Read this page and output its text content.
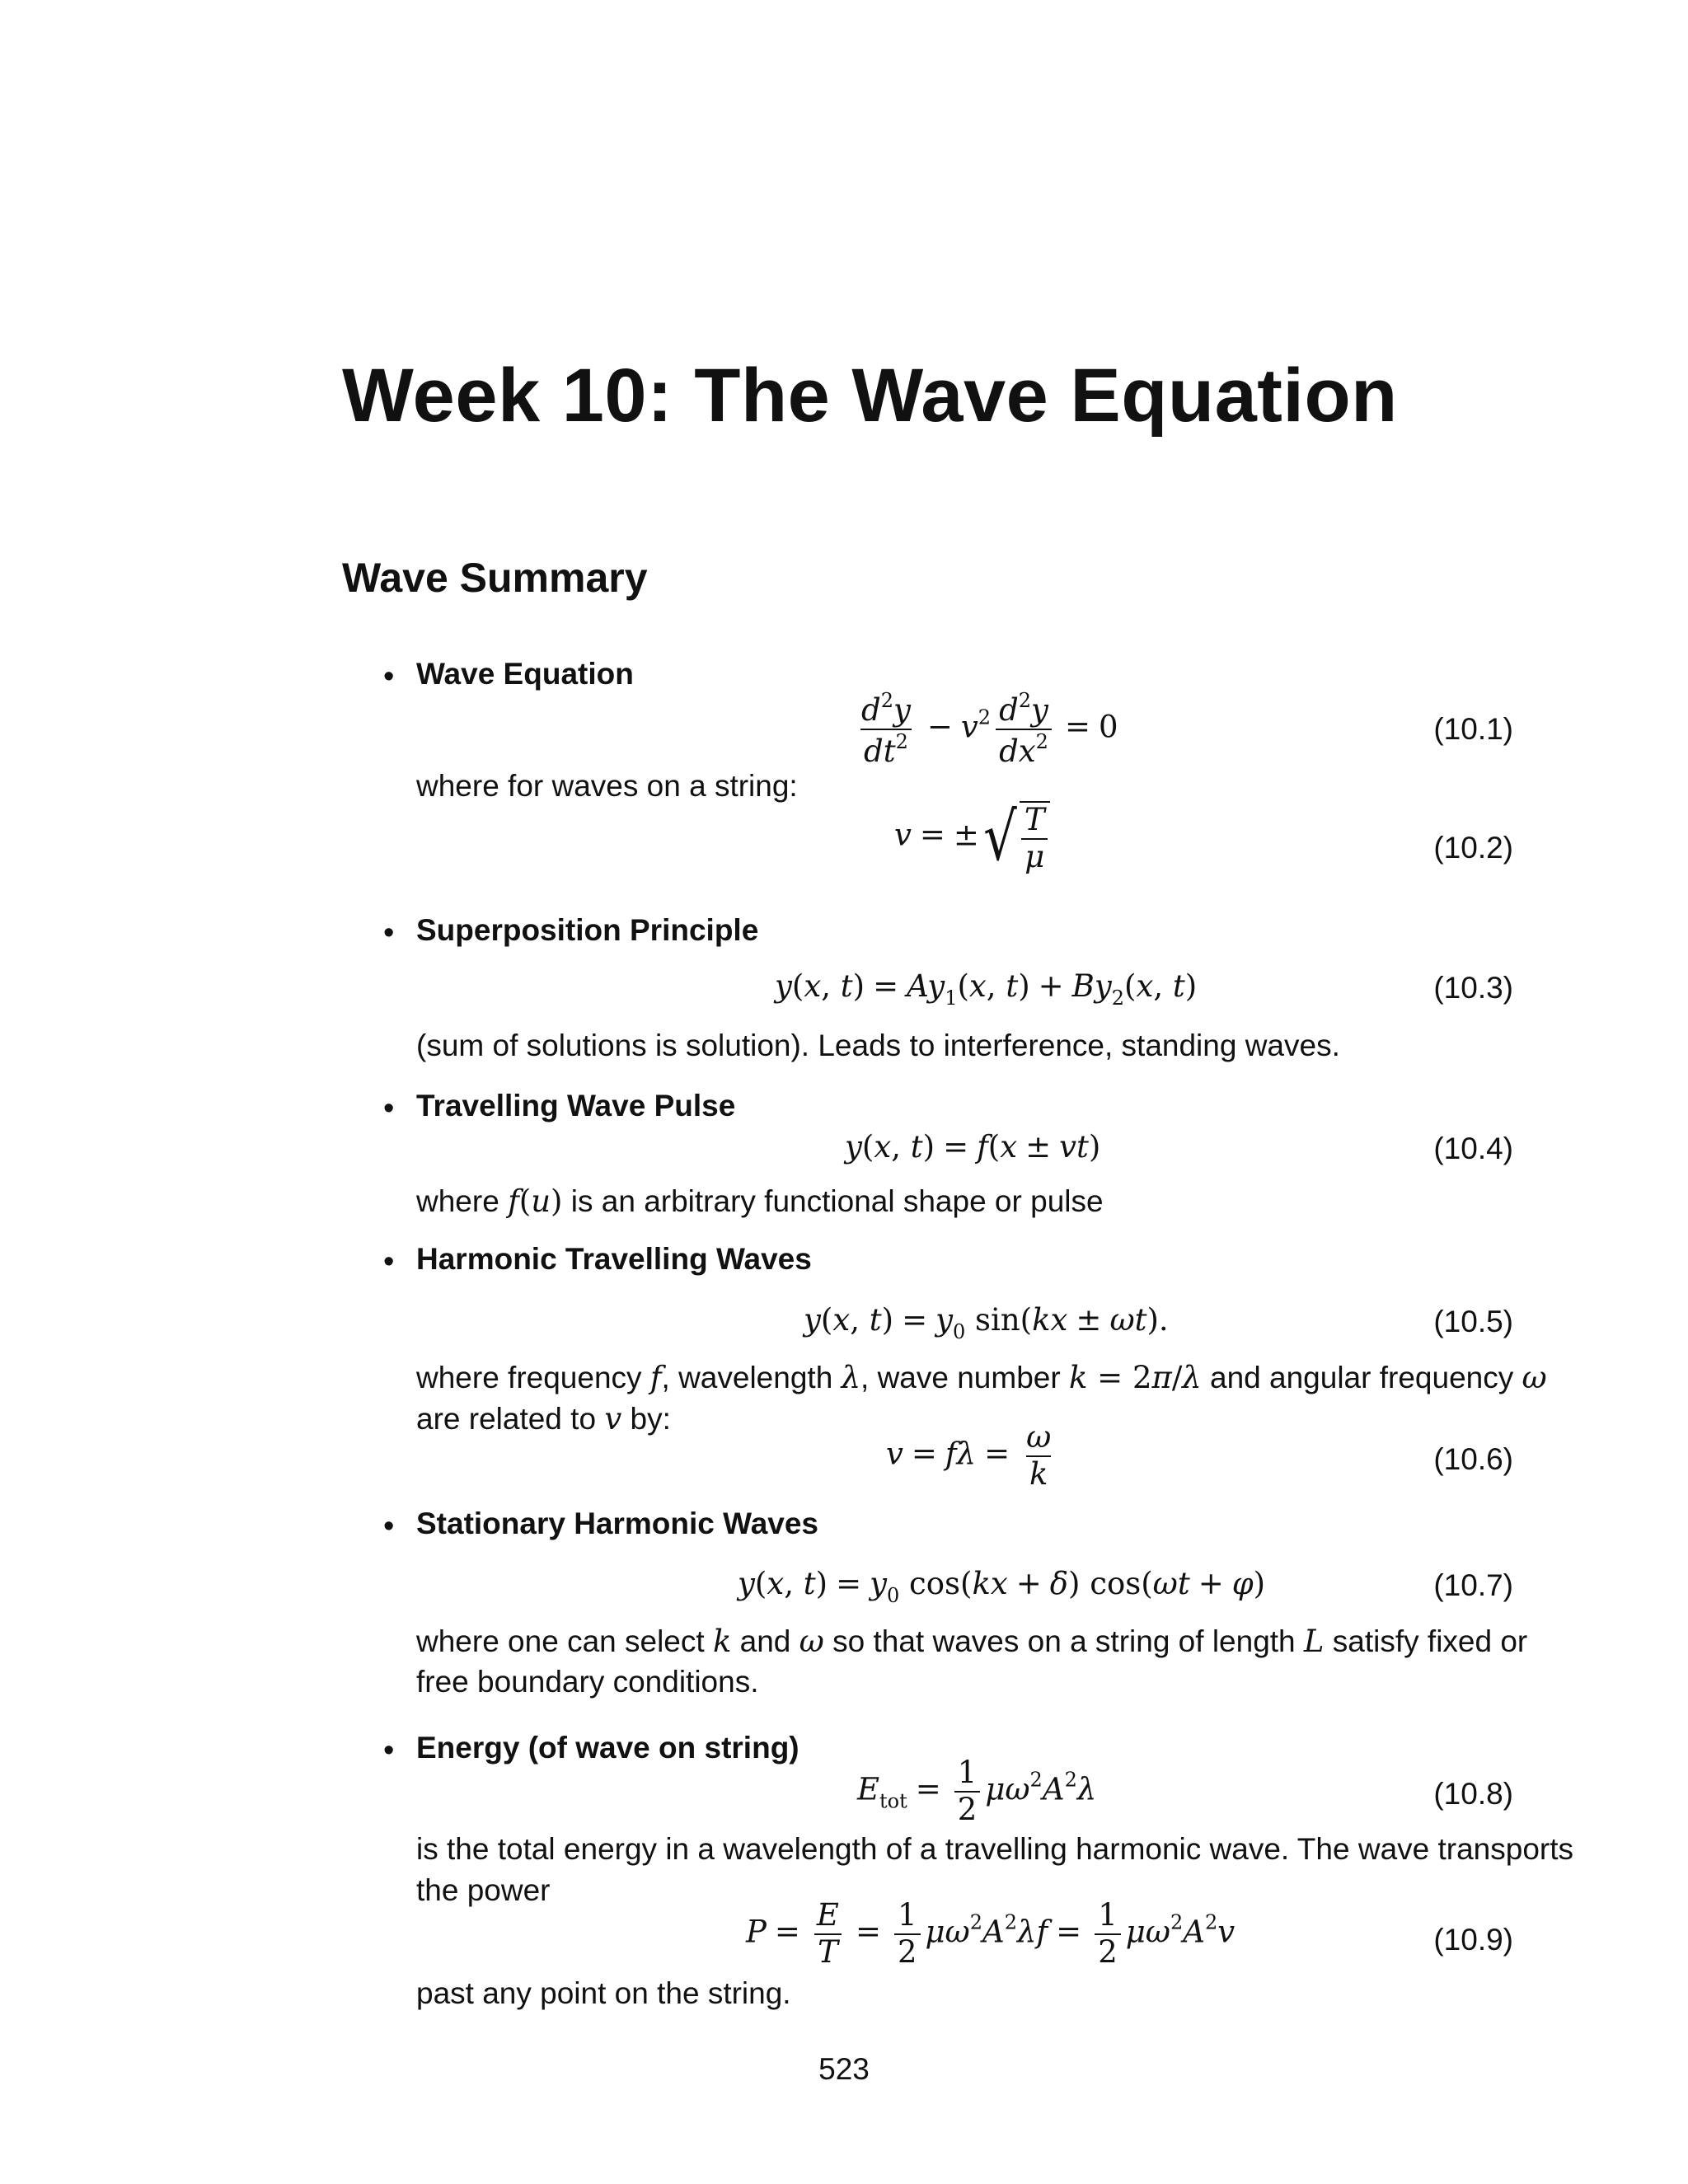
Week 10: The Wave Equation
Wave Summary
• Wave Equation
$\frac{d^2y}{dt^2} - v^2 \frac{d^2y}{dx^2} = 0$	(10.1)
where for waves on a string:
v = ± √ $\frac{T}{\mu}$	(10.2)
• Superposition Principle
y(x, $t) = Ay_1(x$, $t) + By_2(x$, t)	(10.3)
(sum of solutions is solution). Leads to interference, standing waves.
• Travelling Wave Pulse
y(x, t) = f(x ± vt)	(10.4)
where f(u) is an arbitrary functional shape or pulse
• Harmonic Travelling Waves
y(x, $t) = y_0$ sin(kx ± ωt).	(10.5)
where frequency f, wavelength λ, wave number k = 2π/λ and angular frequency ω
are related to v by:
$v = f\lambda = \frac{\omega}{k}$	(10.6)
• Stationary Harmonic Waves
y(x, $t) = y_0$ cos(kx + δ) cos(ωt + φ)	(10.7)
where one can select k and ω so that waves on a string of length L satisfy fixed or
free boundary conditions.
• Energy (of wave on string)
$E_{tot} = \frac{1}{2} \mu\omega^2A^2\lambda$	(10.8)
is the total energy in a wavelength of a travelling harmonic wave. The wave transports
the power
$P = \frac{E}{T} = \frac{1}{2} \mu\omega^2A^2\lambda f = \frac{1}{2} \mu\omega^2A^2v$	(10.9)
past any point on the string.
523
